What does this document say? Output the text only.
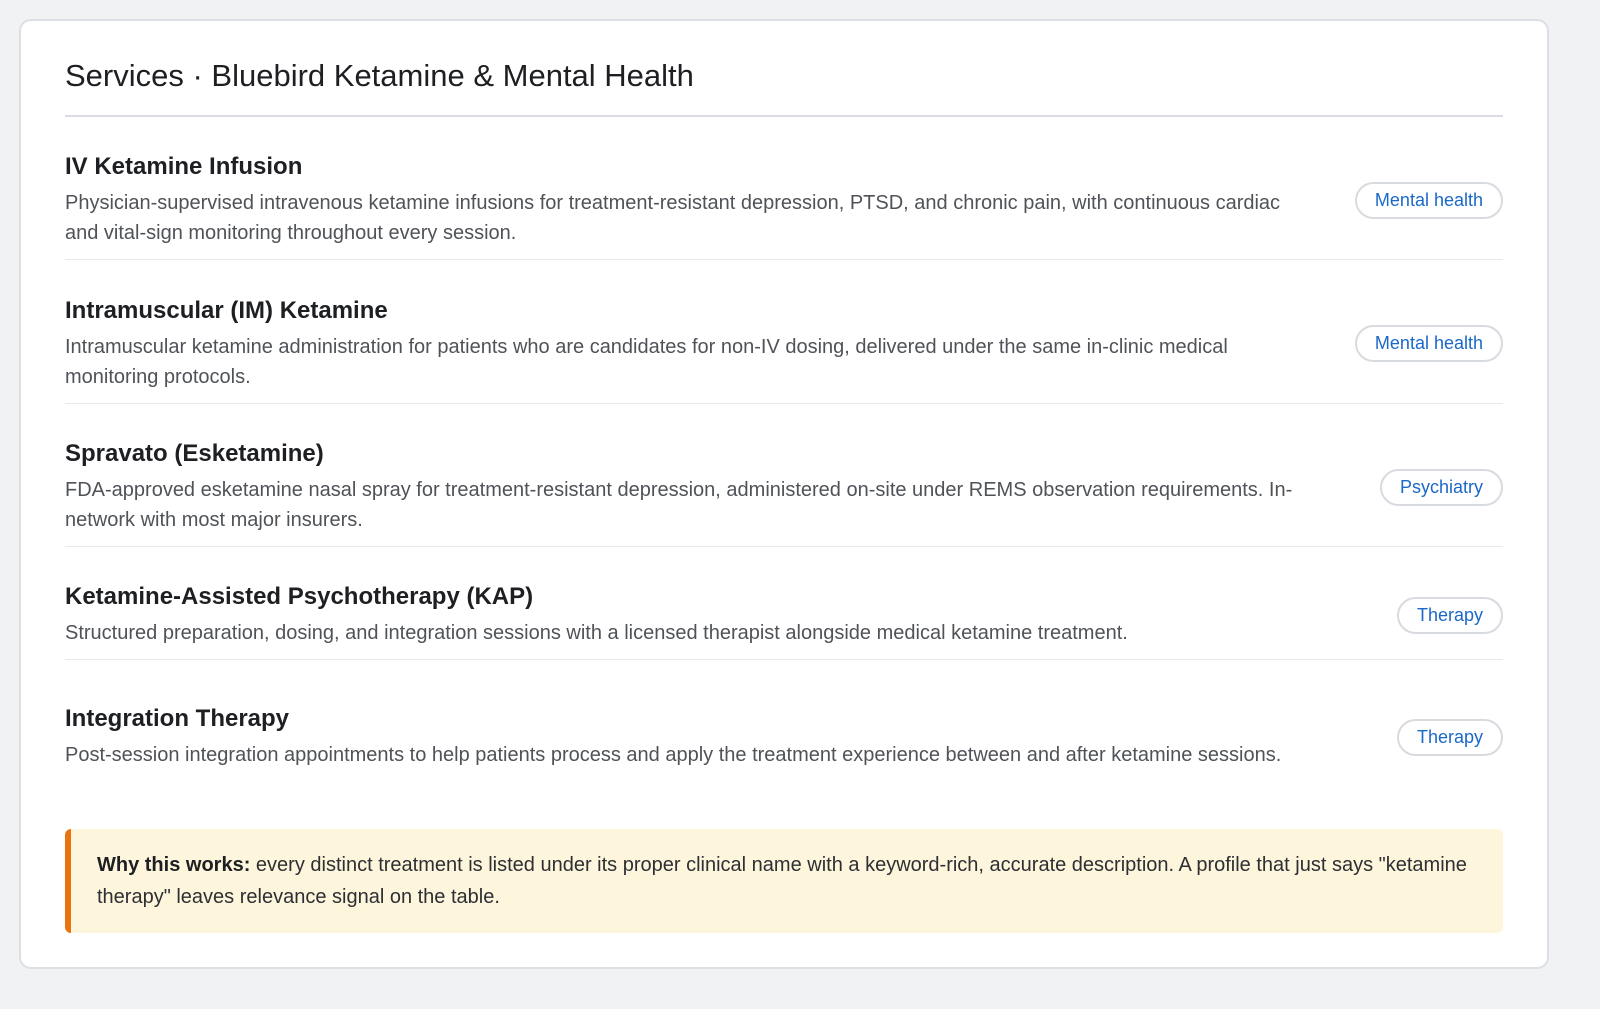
Services · Bluebird Ketamine & Mental Health

IV Ketamine Infusion

Physician-supervised intravenous ketamine infusions for treatment-resistant depression, PTSD, and chronic pain, with continuous cardiac and vital-sign monitoring throughout every session.

Mental health

Intramuscular (IM) Ketamine

Intramuscular ketamine administration for patients who are candidates for non-IV dosing, delivered under the same in-clinic medical monitoring protocols.

Mental health

Spravato (Esketamine)

FDA-approved esketamine nasal spray for treatment-resistant depression, administered on-site under REMS observation requirements. In-network with most major insurers.

Psychiatry

Ketamine-Assisted Psychotherapy (KAP)

Structured preparation, dosing, and integration sessions with a licensed therapist alongside medical ketamine treatment.

Therapy

Integration Therapy

Post-session integration appointments to help patients process and apply the treatment experience between and after ketamine sessions.

Therapy
Why this works: every distinct treatment is listed under its proper clinical name with a keyword-rich, accurate description. A profile that just says "ketamine therapy" leaves relevance signal on the table.
